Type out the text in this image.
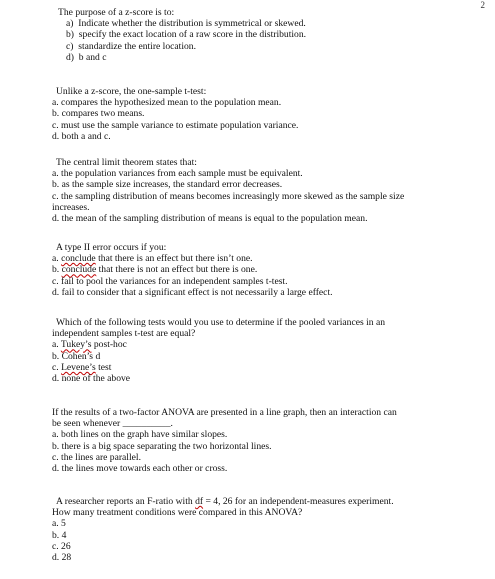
2
The purpose of a z-score is to:
a)  Indicate whether the distribution is symmetrical or skewed.
b)  specify the exact location of a raw score in the distribution.
c)  standardize the entire location.
d)  b and c
Unlike a z-score, the one-sample t-test:
a. compares the hypothesized mean to the population mean.
b. compares two means.
c. must use the sample variance to estimate population variance.
d. both a and c.
The central limit theorem states that:
a. the population variances from each sample must be equivalent.
b. as the sample size increases, the standard error decreases.
c. the sampling distribution of means becomes increasingly more skewed as the sample size
increases.
d. the mean of the sampling distribution of means is equal to the population mean.
A type II error occurs if you:
a. conclude that there is an effect but there isn’t one.
b. conclude that there is not an effect but there is one.
c. fail to pool the variances for an independent samples t-test.
d. fail to consider that a significant effect is not necessarily a large effect.
Which of the following tests would you use to determine if the pooled variances in an
independent samples t-test are equal?
a. Tukey’s post-hoc
b. Cohen’s d
c. Levene’s test
d. none of the above
If the results of a two-factor ANOVA are presented in a line graph, then an interaction can
be seen whenever __________.
a. both lines on the graph have similar slopes.
b. there is a big space separating the two horizontal lines.
c. the lines are parallel.
d. the lines move towards each other or cross.
A researcher reports an F-ratio with df = 4, 26 for an independent-measures experiment.
How many treatment conditions were compared in this ANOVA?
a. 5
b. 4
c. 26
d. 28
